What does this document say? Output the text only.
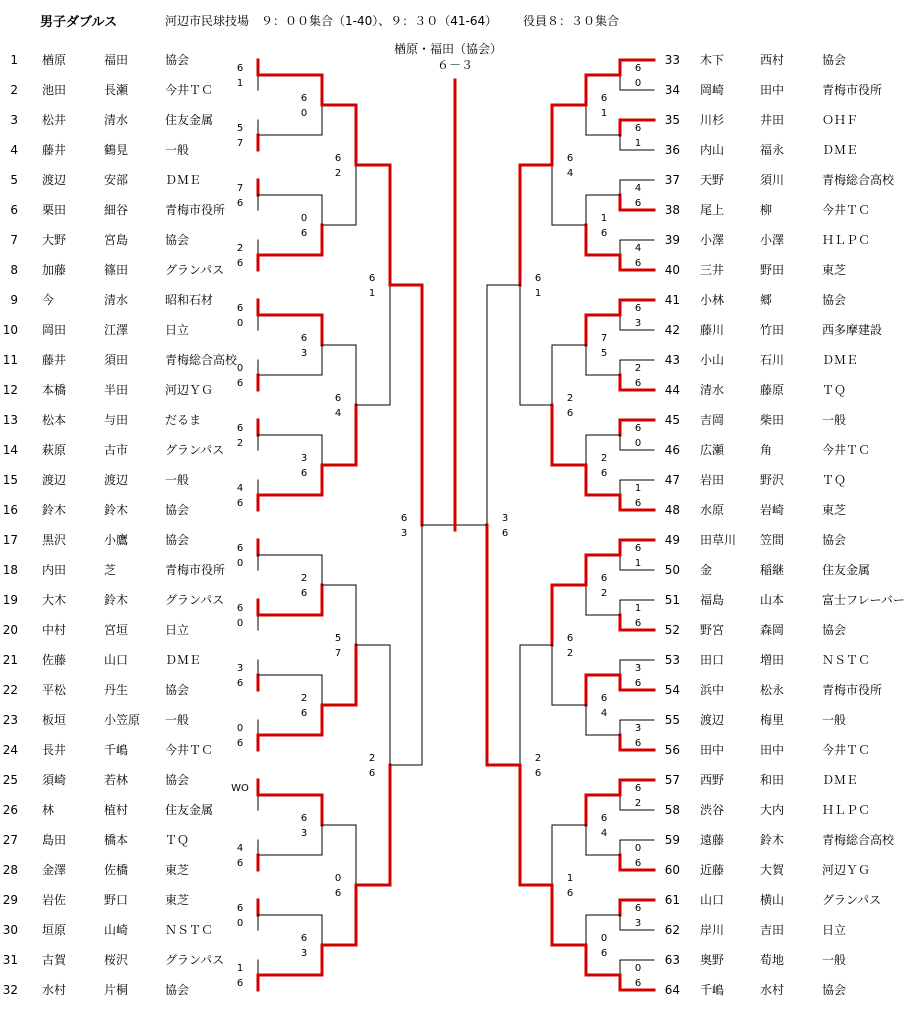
男子ダブルス	河辺市民球技場　９：００集合（1-40）、９：３０（41-64） 役員８：３０集合
1 楢原	福田	協会
2 池田	長瀬	今井ＴＣ
3 松井	清水	住友金属
4 藤井	鶴見	一般
5 渡辺	安部	ＤＭＥ
6 栗田	細谷	青梅市役所
7 大野	宮島	協会
8 加藤	篠田	グランパス
9 今	清水	昭和石材
10 岡田	江澤	日立
11 藤井	須田	青梅総合高校
12 本橋	半田	河辺ＹＧ
13 松本	与田	だるま
14 萩原	古市	グランパス
15 渡辺	渡辺	一般
16 鈴木	鈴木	協会
17 黒沢	小鷹	協会
18 内田	芝	青梅市役所
19 大木	鈴木	グランパス
20 中村	宮垣	日立
21 佐藤	山口	ＤＭＥ
22 平松	丹生	協会
23 板垣	小笠原 一般
24 長井	千嶋	今井ＴＣ
25 須崎	若林	協会
26 林	植村	住友金属
27 島田	橋本	ＴＱ
28 金澤	佐橋	東芝
29 岩佐	野口	東芝
30 垣原	山崎	ＮＳＴＣ
31 古賀	桜沢	グランパス
32 水村	片桐	協会
33 木下	西村	協会
34 岡崎	田中	青梅市役所
35 川杉	井田	ＯＨＦ
36 内山	福永	ＤＭＥ
37 天野	須川	青梅総合高校
38 尾上	柳	今井ＴＣ
39 小澤	小澤	ＨＬＰＣ
40 三井	野田	東芝
41 小林	郷	協会
42 藤川	竹田	西多摩建設
43 小山	石川	ＤＭＥ
44 清水	藤原	ＴＱ
45 吉岡	柴田	一般
46 広瀬	角	今井ＴＣ
47 岩田	野沢	ＴＱ
48 水原	岩崎	東芝
49 田草川 笠間	協会
50 金	稲継	住友金属
51 福島	山本	富士フレーバー
52 野宮	森岡	協会
53 田口	増田	ＮＳＴＣ
54 浜中	松永	青梅市役所
55 渡辺	梅里	一般
56 田中	田中	今井ＴＣ
57 西野	和田	ＤＭＥ
58 渋谷	大内	ＨＬＰＣ
59 遠藤	鈴木	青梅総合高校
60 近藤	大賀	河辺ＹＧ
61 山口	横山	グランパス
62 岸川	吉田	日立
63 奥野	荀地	一般
64 千嶋	水村	協会
6
1
5
7
7
6
2
6
6
0
0
6
6
2
4
6
6
0
6
0
3
6
0
6
WO
4
6
6
0
1
6
6
0
0
6
6
3
3
6
2
6
2
6
6
3
6
3
6
2
6
4
5
7
0
6
6
1
2
6
6
3
6
0
6
1
4
6
4
6
6
3
2
6
6
0
1
6
6
1
1
6
3
6
3
6
6
2
0
6
6
3
0
6
6
1
1
6
7
5
2
6
6
2
6
4
6
4
0
6
6
4
2
6
6
2
1
6
6
1
2
6
3
6
楢原・福田（協会）
６－３
